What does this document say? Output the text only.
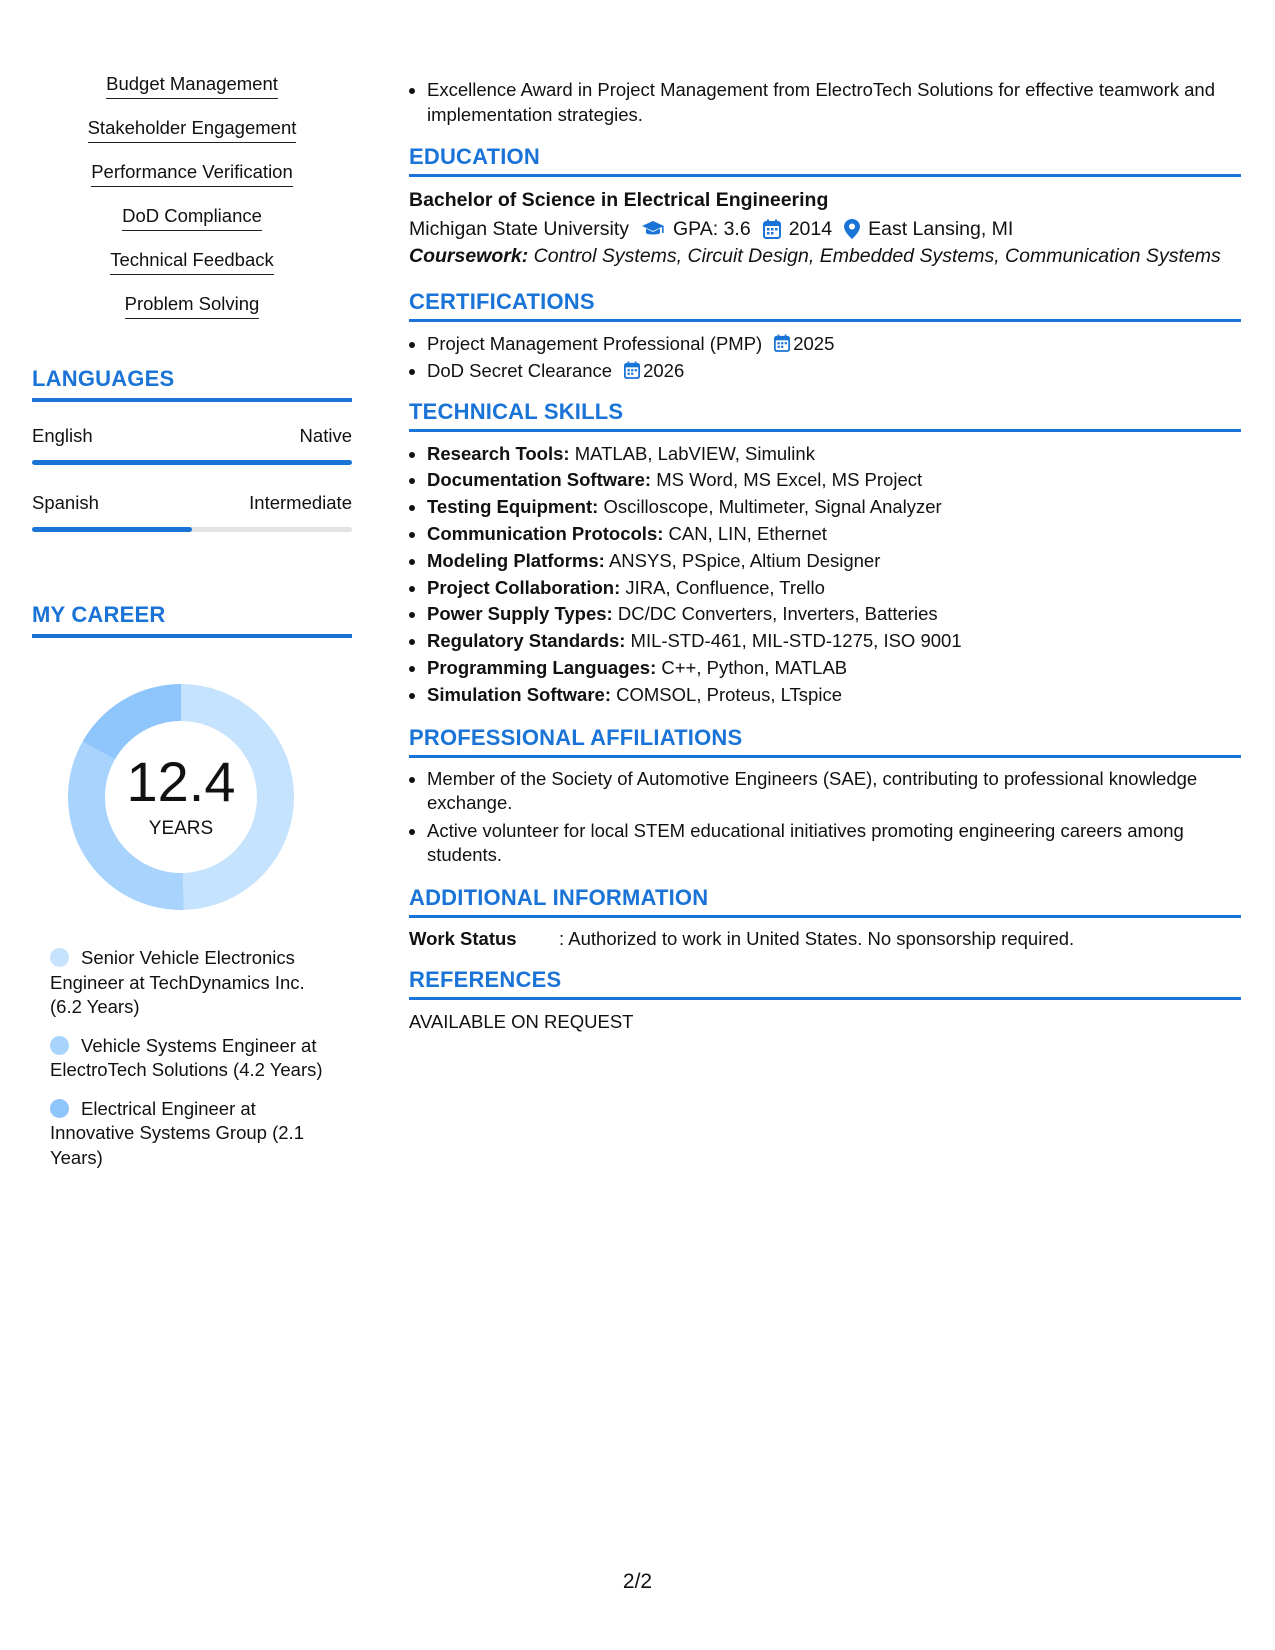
Budget Management
Stakeholder Engagement
Performance Verification
DoD Compliance
Technical Feedback
Problem Solving
LANGUAGES
English	Native
Spanish	Intermediate
MY CAREER
12.4
YEARS
Senior Vehicle Electronics Engineer at TechDynamics Inc. (6.2 Years)
Vehicle Systems Engineer at ElectroTech Solutions (4.2 Years)
Electrical Engineer at Innovative Systems Group (2.1 Years)
• Excellence Award in Project Management from ElectroTech Solutions for effective teamwork and implementation strategies.
EDUCATION
Bachelor of Science in Electrical Engineering
Michigan State University GPA: 3.6 2014 East Lansing, MI
Coursework: Control Systems, Circuit Design, Embedded Systems, Communication Systems
CERTIFICATIONS
• Project Management Professional (PMP) 2025
• DoD Secret Clearance 2026
TECHNICAL SKILLS
• Research Tools: MATLAB, LabVIEW, Simulink
• Documentation Software: MS Word, MS Excel, MS Project
• Testing Equipment: Oscilloscope, Multimeter, Signal Analyzer
• Communication Protocols: CAN, LIN, Ethernet
• Modeling Platforms: ANSYS, PSpice, Altium Designer
• Project Collaboration: JIRA, Confluence, Trello
• Power Supply Types: DC/DC Converters, Inverters, Batteries
• Regulatory Standards: MIL-STD-461, MIL-STD-1275, ISO 9001
• Programming Languages: C++, Python, MATLAB
• Simulation Software: COMSOL, Proteus, LTspice
PROFESSIONAL AFFILIATIONS
• Member of the Society of Automotive Engineers (SAE), contributing to professional knowledge exchange.
• Active volunteer for local STEM educational initiatives promoting engineering careers among students.
ADDITIONAL INFORMATION
Work Status	: Authorized to work in United States. No sponsorship required.
REFERENCES
AVAILABLE ON REQUEST
2/2
